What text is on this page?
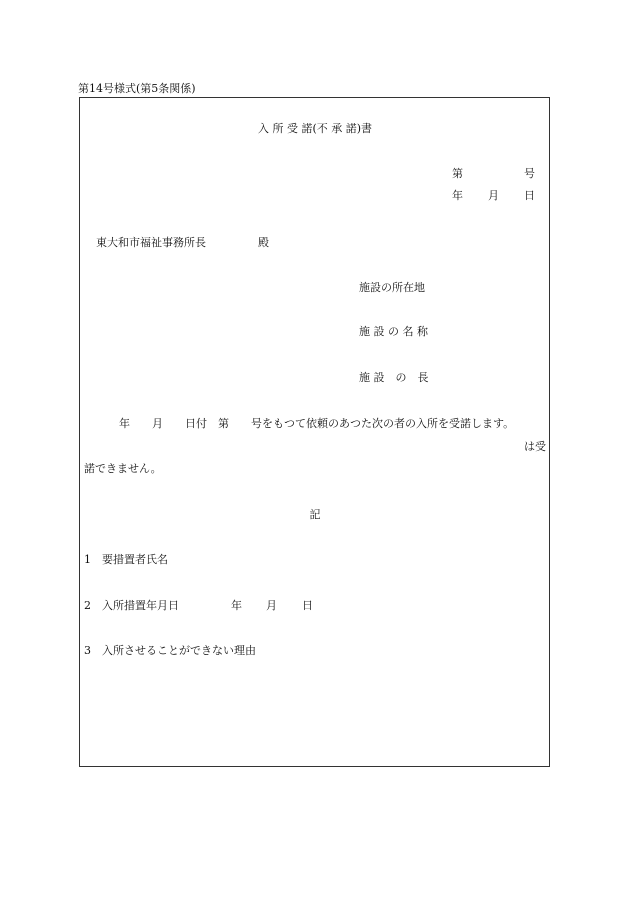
第14号様式(第5条関係)
入 所 受 諾(不 承 諾)書
第	号
年 月 日
東大和市福祉事務所長	殿
施設の所在地
施 設 の 名 称
施 設　の　長
年　　月　　日付　第　　号をもつて依頼のあつた次の者の入所を受諾します。
は受
諾できません。
記
1　要措置者氏名
2　入所措置年月日	年 月 日
3　入所させることができない理由
